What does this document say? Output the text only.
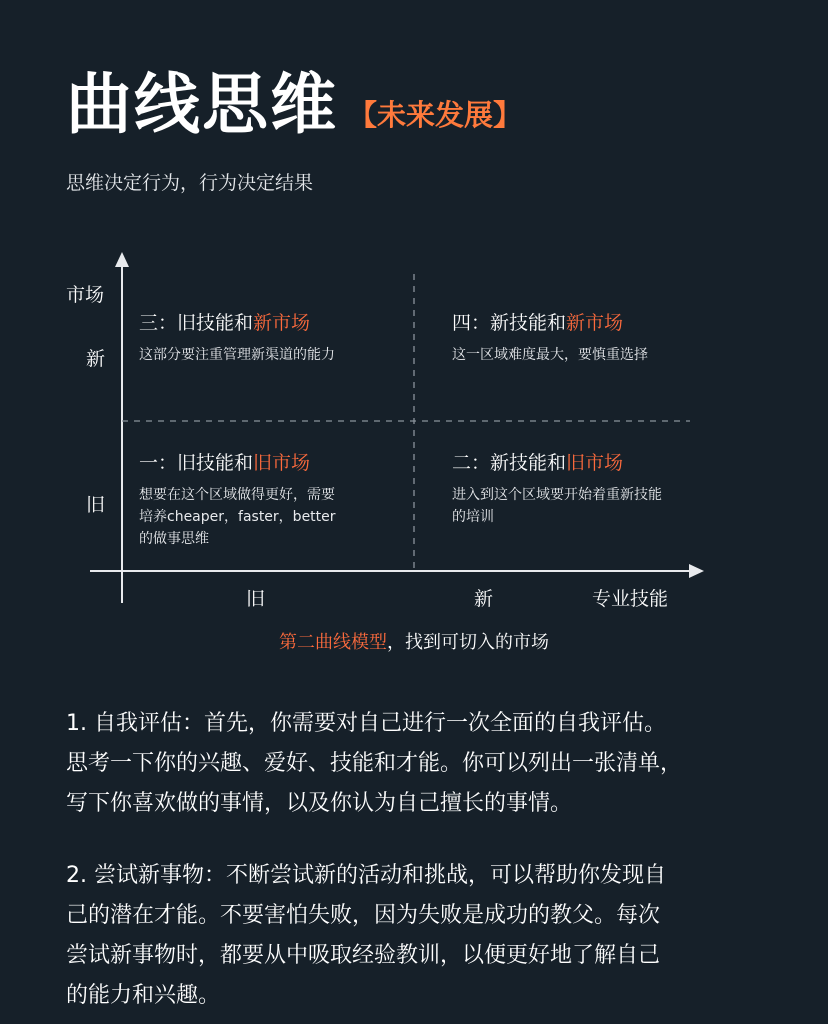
曲线思维 【未来发展】
思维决定行为，行为决定结果
市场
新
旧
旧	新	专业技能
三：旧技能和新市场
这部分要注重管理新渠道的能力
四：新技能和新市场
这一区域难度最大，要慎重选择
一：旧技能和旧市场
想要在这个区域做得更好，需要
培养cheaper，faster，better
的做事思维
二：新技能和旧市场
进入到这个区域要开始着重新技能
的培训
第二曲线模型，找到可切入的市场
1. 自我评估：首先，你需要对自己进行一次全面的自我评估。
思考一下你的兴趣、爱好、技能和才能。你可以列出一张清单，
写下你喜欢做的事情，以及你认为自己擅长的事情。
2. 尝试新事物：不断尝试新的活动和挑战，可以帮助你发现自
己的潜在才能。不要害怕失败，因为失败是成功的教父。每次
尝试新事物时，都要从中吸取经验教训，以便更好地了解自己
的能力和兴趣。
